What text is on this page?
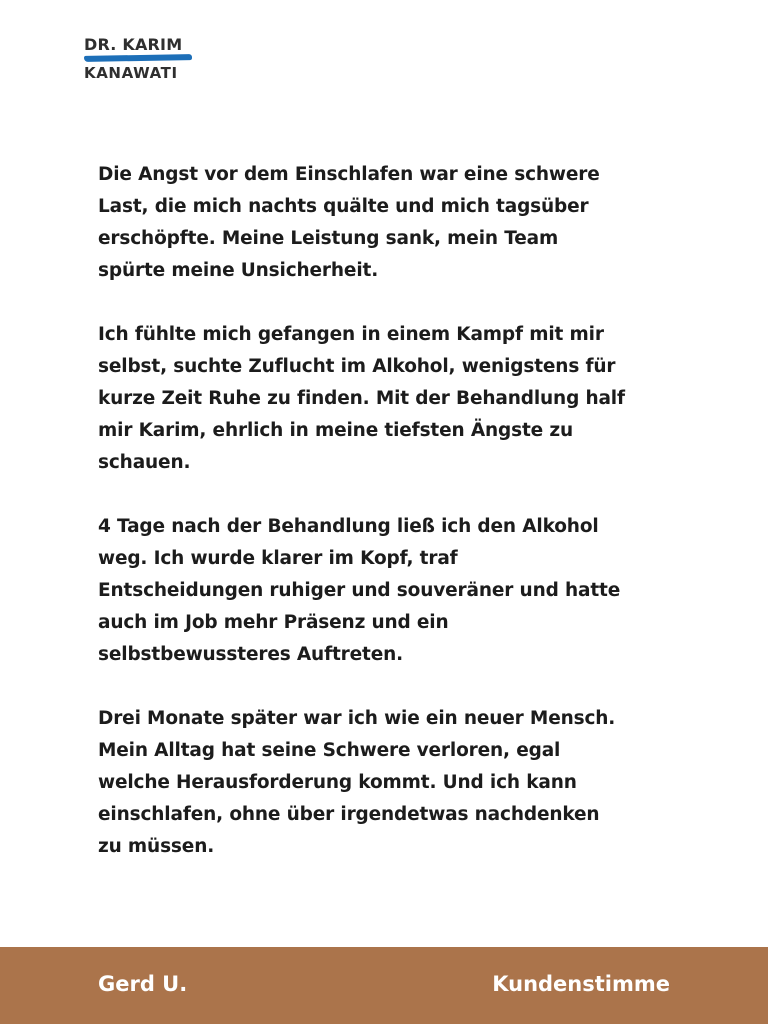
DR. KARIM
KANAWATI
Die Angst vor dem Einschlafen war eine schwere
Last, die mich nachts quälte und mich tagsüber
erschöpfte. Meine Leistung sank, mein Team
spürte meine Unsicherheit.
Ich fühlte mich gefangen in einem Kampf mit mir
selbst, suchte Zuflucht im Alkohol, wenigstens für
kurze Zeit Ruhe zu finden. Mit der Behandlung half
mir Karim, ehrlich in meine tiefsten Ängste zu
schauen.
4 Tage nach der Behandlung ließ ich den Alkohol
weg. Ich wurde klarer im Kopf, traf
Entscheidungen ruhiger und souveräner und hatte
auch im Job mehr Präsenz und ein
selbstbewussteres Auftreten.
Drei Monate später war ich wie ein neuer Mensch.
Mein Alltag hat seine Schwere verloren, egal
welche Herausforderung kommt. Und ich kann
einschlafen, ohne über irgendetwas nachdenken
zu müssen.
Gerd U.	Kundenstimme
